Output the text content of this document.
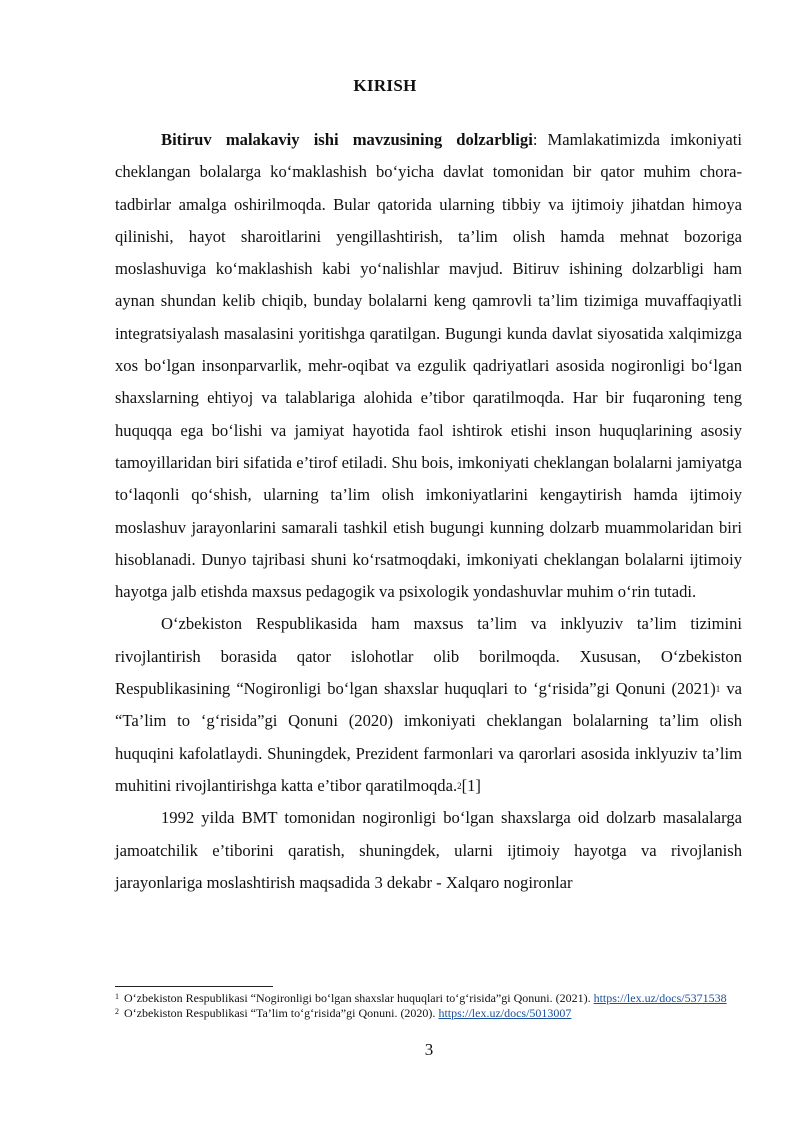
KIRISH

Bitiruv malakaviy ishi mavzusining dolzarbligi: Mamlakatimizda imkoniyati cheklangan bolalarga ko‘maklashish bo‘yicha davlat tomonidan bir qator muhim chora-tadbirlar amalga oshirilmoqda. Bular qatorida ularning tibbiy va ijtimoiy jihatdan himoya qilinishi, hayot sharoitlarini yengillashtirish, ta’lim olish hamda mehnat bozoriga moslashuviga ko‘maklashish kabi yo‘nalishlar mavjud. Bitiruv ishining dolzarbligi ham aynan shundan kelib chiqib, bunday bolalarni keng qamrovli ta’lim tizimiga muvaffaqiyatli integratsiyalash masalasini yoritishga qaratilgan. Bugungi kunda davlat siyosatida xalqimizga xos bo‘lgan insonparvarlik, mehr-oqibat va ezgulik qadriyatlari asosida nogironligi bo‘lgan shaxslarning ehtiyoj va talablariga alohida e’tibor qaratilmoqda. Har bir fuqaroning teng huquqqa ega bo‘lishi va jamiyat hayotida faol ishtirok etishi inson huquqlarining asosiy tamoyillaridan biri sifatida e’tirof etiladi. Shu bois, imkoniyati cheklangan bolalarni jamiyatga to‘laqonli qo‘shish, ularning ta’lim olish imkoniyatlarini kengaytirish hamda ijtimoiy moslashuv jarayonlarini samarali tashkil etish bugungi kunning dolzarb muammolaridan biri hisoblanadi. Dunyo tajribasi shuni ko‘rsatmoqdaki, imkoniyati cheklangan bolalarni ijtimoiy hayotga jalb etishda maxsus pedagogik va psixologik yondashuvlar muhim o‘rin tutadi.

O‘zbekiston Respublikasida ham maxsus ta’lim va inklyuziv ta’lim tizimini rivojlantirish borasida qator islohotlar olib borilmoqda. Xususan, O‘zbekiston Respublikasining “Nogironligi bo‘lgan shaxslar huquqlari to ‘g‘risida”gi Qonuni $(2021)^1$ va “Ta’lim to ‘g‘risida”gi Qonuni (2020) imkoniyati cheklangan bolalarning ta’lim olish huquqini kafolatlaydi. Shuningdek, Prezident farmonlari va qarorlari asosida inklyuziv ta’lim muhitini rivojlantirishga katta e’tibor qaratilmoqda.$^2$[1]

1992 yilda BMT tomonidan nogironligi bo‘lgan shaxslarga oid dolzarb masalalarga jamoatchilik e’tiborini qaratish, shuningdek, ularni ijtimoiy hayotga va rivojlanish jarayonlariga moslashtirish maqsadida 3 dekabr - Xalqaro nogironlar

$^1$ O‘zbekiston Respublikasi “Nogironligi bo‘lgan shaxslar huquqlari to‘g‘risida”gi Qonuni. (2021). https://lex.uz/docs/5371538

$^2$ O‘zbekiston Respublikasi “Ta’lim to‘g‘risida”gi Qonuni. (2020). https://lex.uz/docs/5013007

3
